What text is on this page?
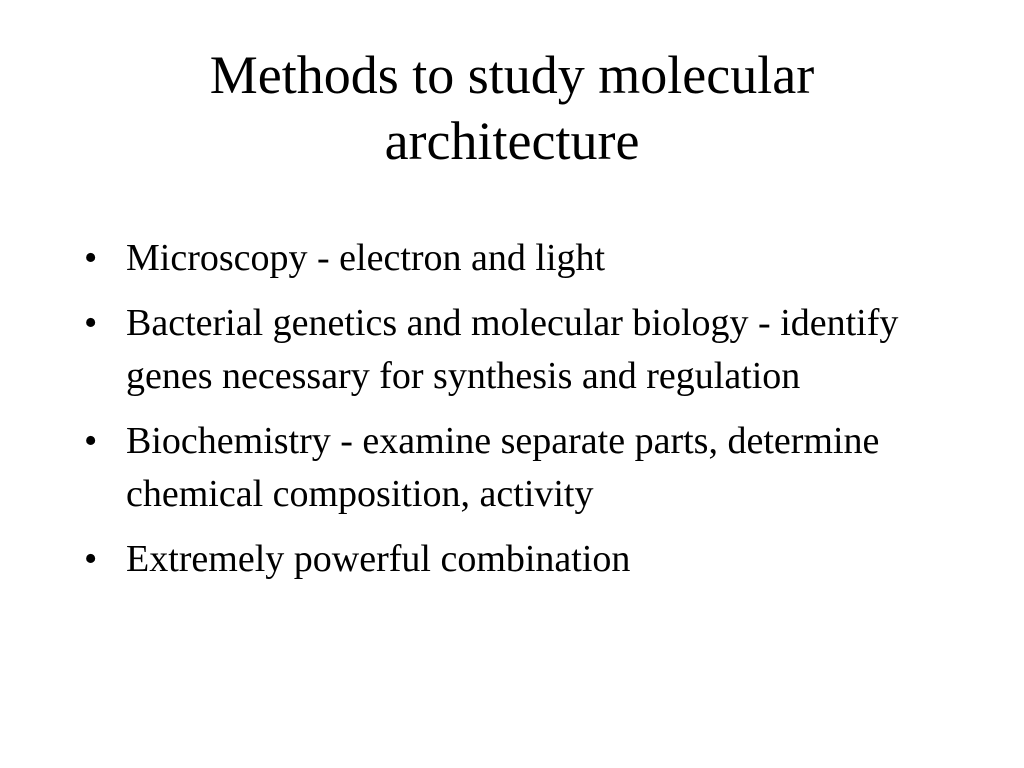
Methods to study molecular architecture
• Microscopy - electron and light
• Bacterial genetics and molecular biology - identify genes necessary for synthesis and regulation
• Biochemistry - examine separate parts, determine chemical composition, activity
• Extremely powerful combination
